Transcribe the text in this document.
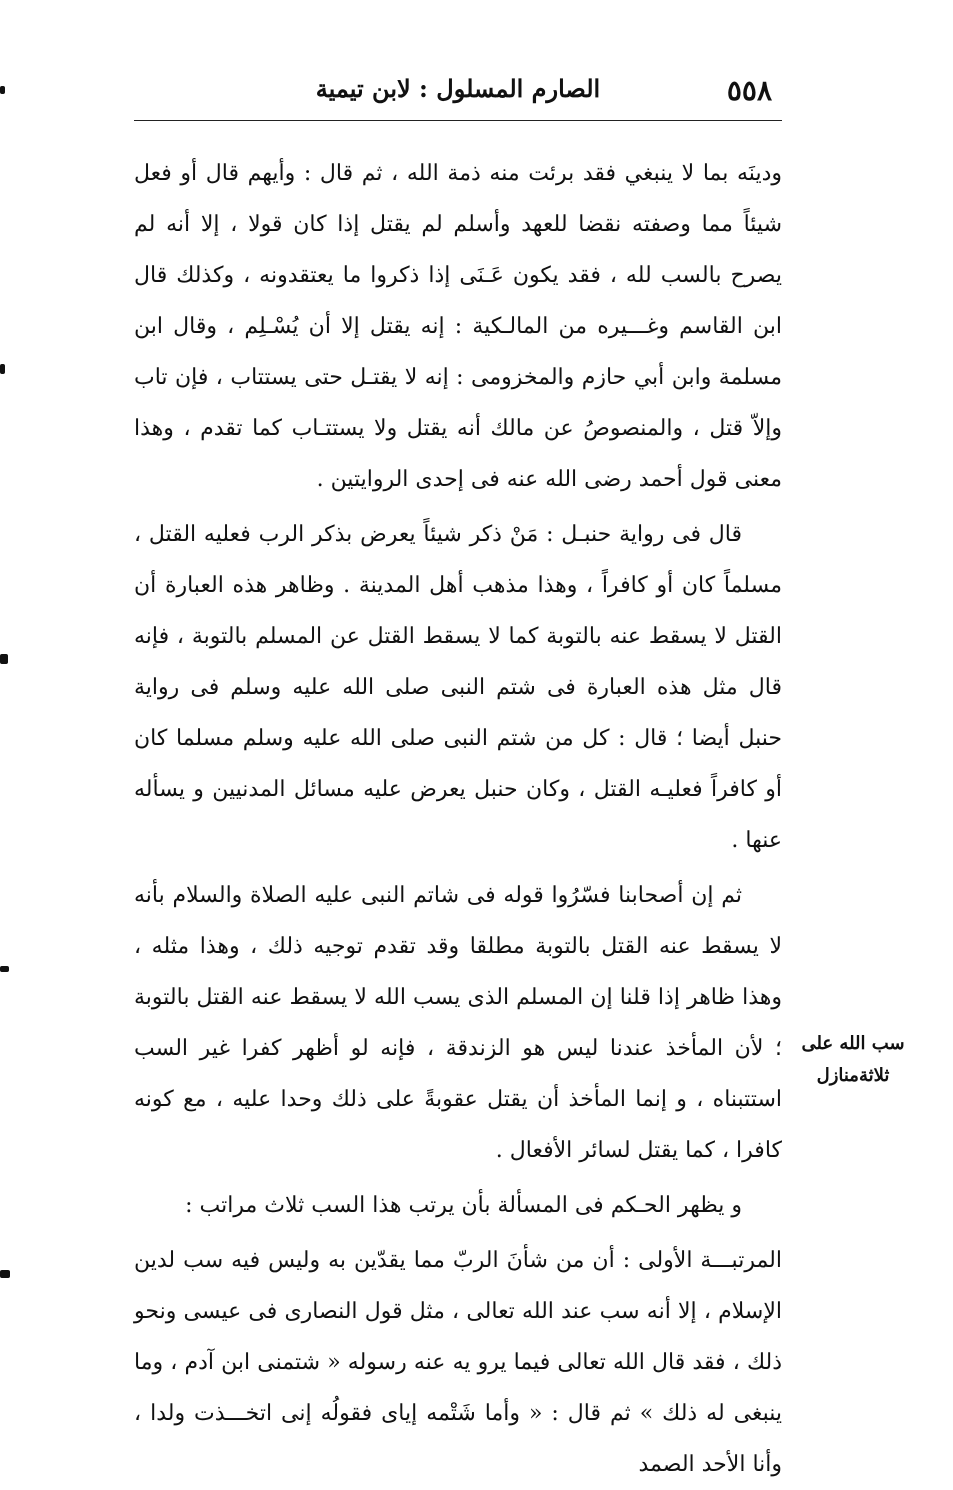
٥٥٨
الصارم المسلول : لابن تيمية

ودينَه بما لا ينبغي فقد برئت منه ذمة الله ، ثم قال : وأيهم قال أو فعل شيئاً مما وصفته نقضا للعهد وأسلم لم يقتل إذا كان قولا ، إلا أنه لم يصرح بالسب لله ، فقد يكون عَـنَى إذا ذكروا ما يعتقدونه ، وكذلك قال ابن القاسم وغـــيره من المالـكية : إنه يقتل إلا أن يُسْـلِم ، وقال ابن مسلمة وابن أبي حازم والمخزومى : إنه لا يقتـل حتى يستتاب ، فإن تاب وإلاّ قتل ، والمنصوصُ عن مالك أنه يقتل ولا يستتـاب كما تقدم ، وهذا معنى قول أحمد رضى الله عنه فى إحدى الروايتين .

قال فى رواية حنبـل : مَنْ ذكر شيئاً يعرض بذكر الرب فعليه القتل ، مسلماً كان أو كافراً ، وهذا مذهب أهل المدينة . وظاهر هذه العبارة أن القتل لا يسقط عنه بالتوبة كما لا يسقط القتل عن المسلم بالتوبة ، فإنه قال مثل هذه العبارة فى شتم النبى صلى الله عليه وسلم فى رواية حنبل أيضا ؛ قال : كل من شتم النبى صلى الله عليه وسلم مسلما كان أو كافراً فعليـه القتل ، وكان حنبل يعرض عليه مسائل المدنيين و يسأله عنها .

ثم إن أصحابنا فسّرُوا قوله فى شاتم النبى عليه الصلاة والسلام بأنه لا يسقط عنه القتل بالتوبة مطلقا وقد تقدم توجيه ذلك ، وهذا مثله ، وهذا ظاهر إذا قلنا إن المسلم الذى يسب الله لا يسقط عنه القتل بالتوبة ؛ لأن المأخذ عندنا ليس هو الزندقة ، فإنه لو أظهر كفرا غير السب استتبناه ، و إنما المأخذ أن يقتل عقوبةً على ذلك وحدا عليه ، مع كونه كافرا ، كما يقتل لسائر الأفعال .

و يظهر الحـكم فى المسألة بأن يرتب هذا السب ثلاث مراتب :

المرتبـــة الأولى : أن من شأنَ الربّ مما يقدّين به وليس فيه سب لدين الإسلام ، إلا أنه سب عند الله تعالى ، مثل قول النصارى فى عيسى ونحو ذلك ، فقد قال الله تعالى فيما يرو يه عنه رسوله « شتمنى ابن آدم ، وما ينبغى له ذلك » ثم قال : « وأما شَتْمه إياى فقولُه إنى اتخـــذت ولدا ، وأنا الأحد الصمد

سب الله على
ثلاثةمنازل
